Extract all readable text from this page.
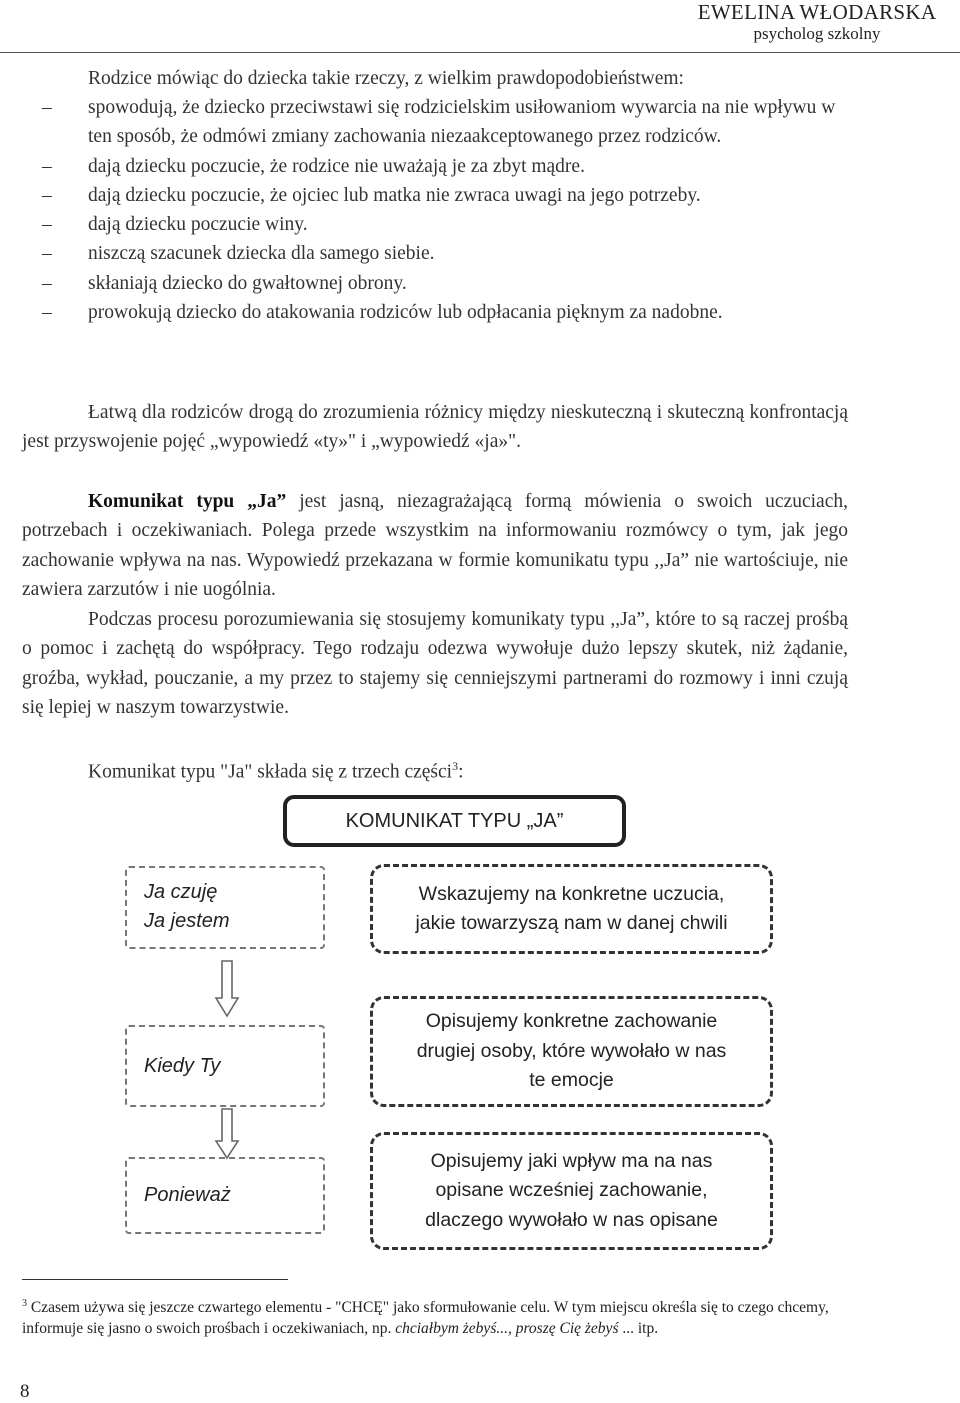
EWELINA WŁODARSKA
psycholog szkolny
Rodzice mówiąc do dziecka takie rzeczy, z wielkim prawdopodobieństwem:
– spowodują, że dziecko przeciwstawi się rodzicielskim usiłowaniom wywarcia na nie wpływu w ten sposób, że odmówi zmiany zachowania niezaakceptowanego przez rodziców.
– dają dziecku poczucie, że rodzice nie uważają je za zbyt mądre.
– dają dziecku poczucie, że ojciec lub matka nie zwraca uwagi na jego potrzeby.
– dają dziecku poczucie winy.
– niszczą szacunek dziecka dla samego siebie.
– skłaniają dziecko do gwałtownej obrony.
– prowokują dziecko do atakowania rodziców lub odpłacania pięknym za nadobne.

Łatwą dla rodziców drogą do zrozumienia różnicy między nieskuteczną i skuteczną konfrontacją jest przyswojenie pojęć „wypowiedź «ty»" i „wypowiedź «ja»".

Komunikat typu „Ja” jest jasną, niezagrażającą formą mówienia o swoich uczuciach, potrzebach i oczekiwaniach. Polega przede wszystkim na informowaniu rozmówcy o tym, jak jego zachowanie wpływa na nas. Wypowiedź przekazana w formie komunikatu typu ,,Ja” nie wartościuje, nie zawiera zarzutów i nie uogólnia.

Podczas procesu porozumiewania się stosujemy komunikaty typu ,,Ja”, które to są raczej prośbą o pomoc i zachętą do współpracy. Tego rodzaju odezwa wywołuje dużo lepszy skutek, niż żądanie, groźba, wykład, pouczanie, a my przez to stajemy się cenniejszymi partnerami do rozmowy i inni czują się lepiej w naszym towarzystwie.

Komunikat typu "Ja" składa się z trzech części$^3$:
KOMUNIKAT TYPU „JA”
Ja czuję
Ja jestem
Kiedy Ty
Ponieważ
Wskazujemy na konkretne uczucia,
jakie towarzyszą nam w danej chwili
Opisujemy konkretne zachowanie
drugiej osoby, które wywołało w nas
te emocje
Opisujemy jaki wpływ ma na nas
opisane wcześniej zachowanie,
dlaczego wywołało w nas opisane
$^3$ Czasem używa się jeszcze czwartego elementu - "CHCĘ" jako sformułowanie celu. W tym miejscu określa się to czego chcemy, informuje się jasno o swoich prośbach i oczekiwaniach, np. chciałbym żebyś..., proszę Cię żebyś ... itp.
8
